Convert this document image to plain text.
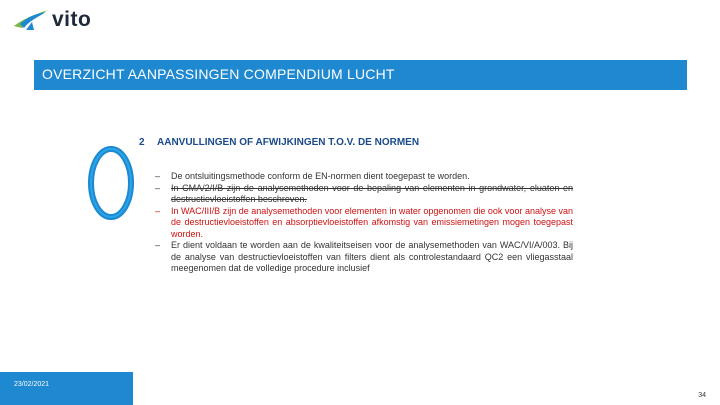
vito
OVERZICHT AANPASSINGEN COMPENDIUM LUCHT
2 AANVULLINGEN OF AFWIJKINGEN T.O.V. DE NORMEN
– De ontsluitingsmethode conform de EN-normen dient toegepast te worden.
– In CMA/2/I/B zijn de analysemethoden voor de bepaling van elementen in grondwater, eluaten en destructievloeistoffen beschreven.
– In WAC/III/B zijn de analysemethoden voor elementen in water opgenomen die ook voor analyse van de destructievloeistoffen en absorptievloeistoffen afkomstig van emissiemetingen mogen toegepast worden.
– Er dient voldaan te worden aan de kwaliteitseisen voor de analysemethoden van WAC/VI/A/003. Bij de analyse van destructievloeistoffen van filters dient als controlestandaard QC2 een vliegasstaal meegenomen dat de volledige procedure inclusief
23/02/2021
34
